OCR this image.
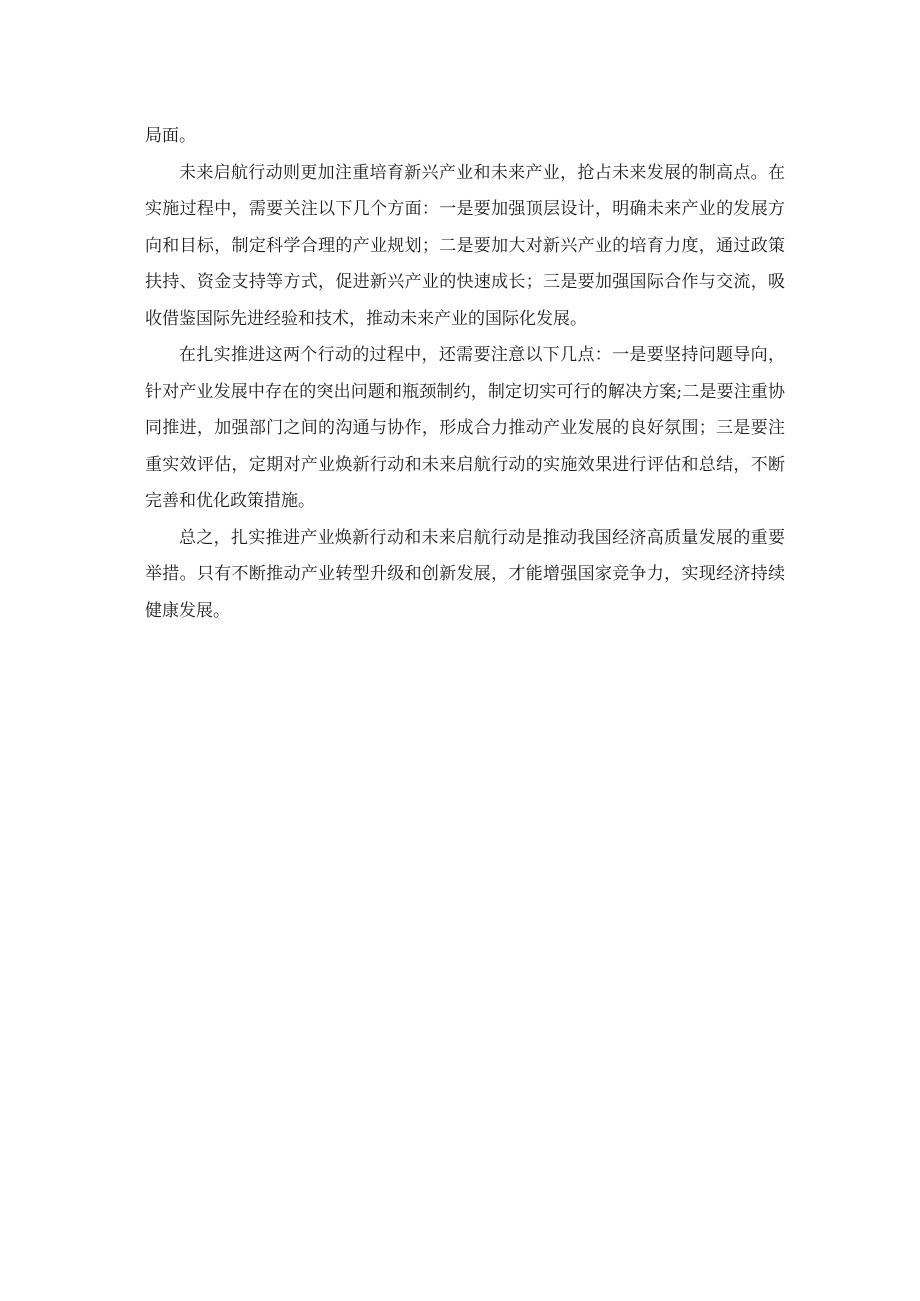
局面。

未来启航行动则更加注重培育新兴产业和未来产业，抢占未来发展的制高点。在实施过程中，需要关注以下几个方面：一是要加强顶层设计，明确未来产业的发展方向和目标，制定科学合理的产业规划；二是要加大对新兴产业的培育力度，通过政策扶持、资金支持等方式，促进新兴产业的快速成长；三是要加强国际合作与交流，吸收借鉴国际先进经验和技术，推动未来产业的国际化发展。

在扎实推进这两个行动的过程中，还需要注意以下几点：一是要坚持问题导向，针对产业发展中存在的突出问题和瓶颈制约，制定切实可行的解决方案;二是要注重协同推进，加强部门之间的沟通与协作，形成合力推动产业发展的良好氛围；三是要注重实效评估，定期对产业焕新行动和未来启航行动的实施效果进行评估和总结，不断完善和优化政策措施。

总之，扎实推进产业焕新行动和未来启航行动是推动我国经济高质量发展的重要举措。只有不断推动产业转型升级和创新发展，才能增强国家竞争力，实现经济持续健康发展。
